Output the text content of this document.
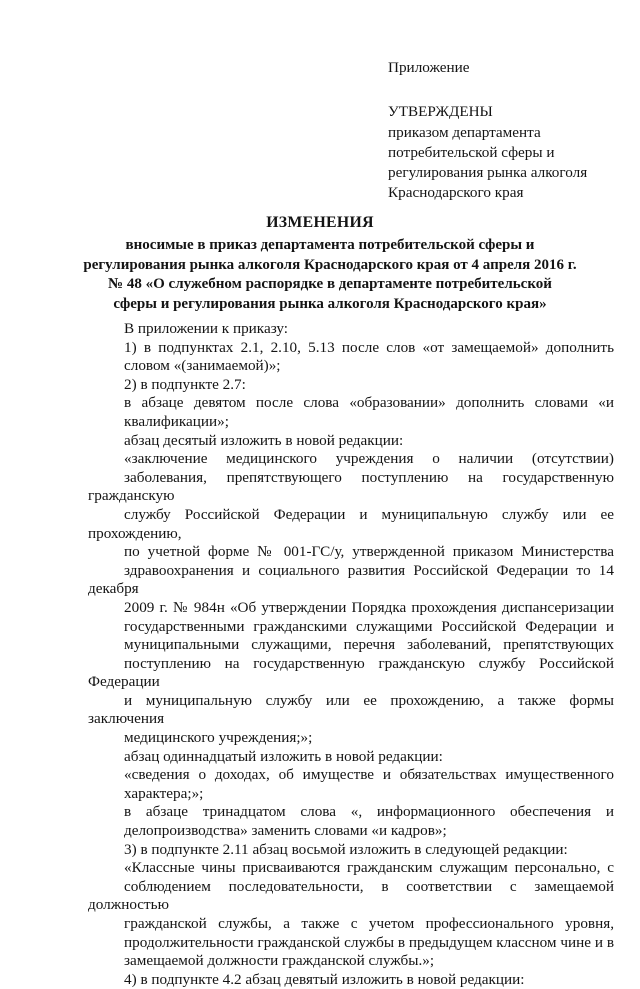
Приложение
УТВЕРЖДЕНЫ
приказом департамента
потребительской сферы и
регулирования рынка алкоголя
Краснодарского края
ИЗМЕНЕНИЯ
вносимые в приказ департамента потребительской сферы и
регулирования рынка алкоголя Краснодарского края от 4 апреля 2016 г.
№ 48 «О служебном распорядке в департаменте потребительской
сферы и регулирования рынка алкоголя Краснодарского края»
В приложении к приказу:
1) в подпунктах 2.1, 2.10, 5.13 после слов «от замещаемой» дополнить
словом «(занимаемой)»;
2) в подпункте 2.7:
в абзаце девятом после слова «образовании» дополнить словами «и
квалификации»;
абзац десятый изложить в новой редакции:
«заключение медицинского учреждения о наличии (отсутствии)
заболевания, препятствующего поступлению на государственную гражданскую
службу Российской Федерации и муниципальную службу или ее прохождению,
по учетной форме № 001-ГС/у, утвержденной приказом Министерства
здравоохранения и социального развития Российской Федерации то 14 декабря
2009 г. № 984н «Об утверждении Порядка прохождения диспансеризации
государственными гражданскими служащими Российской Федерации и
муниципальными служащими, перечня заболеваний, препятствующих
поступлению на государственную гражданскую службу Российской Федерации
и муниципальную службу или ее прохождению, а также формы заключения
медицинского учреждения;»;
абзац одиннадцатый изложить в новой редакции:
«сведения о доходах, об имуществе и обязательствах имущественного
характера;»;
в абзаце тринадцатом слова «, информационного обеспечения и
делопроизводства» заменить словами «и кадров»;
3) в подпункте 2.11 абзац восьмой изложить в следующей редакции:
«Классные чины присваиваются гражданским служащим персонально, с
соблюдением последовательности, в соответствии с замещаемой должностью
гражданской службы, а также с учетом профессионального уровня,
продолжительности гражданской службы в предыдущем классном чине и в
замещаемой должности гражданской службы.»;
4) в подпункте 4.2 абзац девятый изложить в новой редакции:
